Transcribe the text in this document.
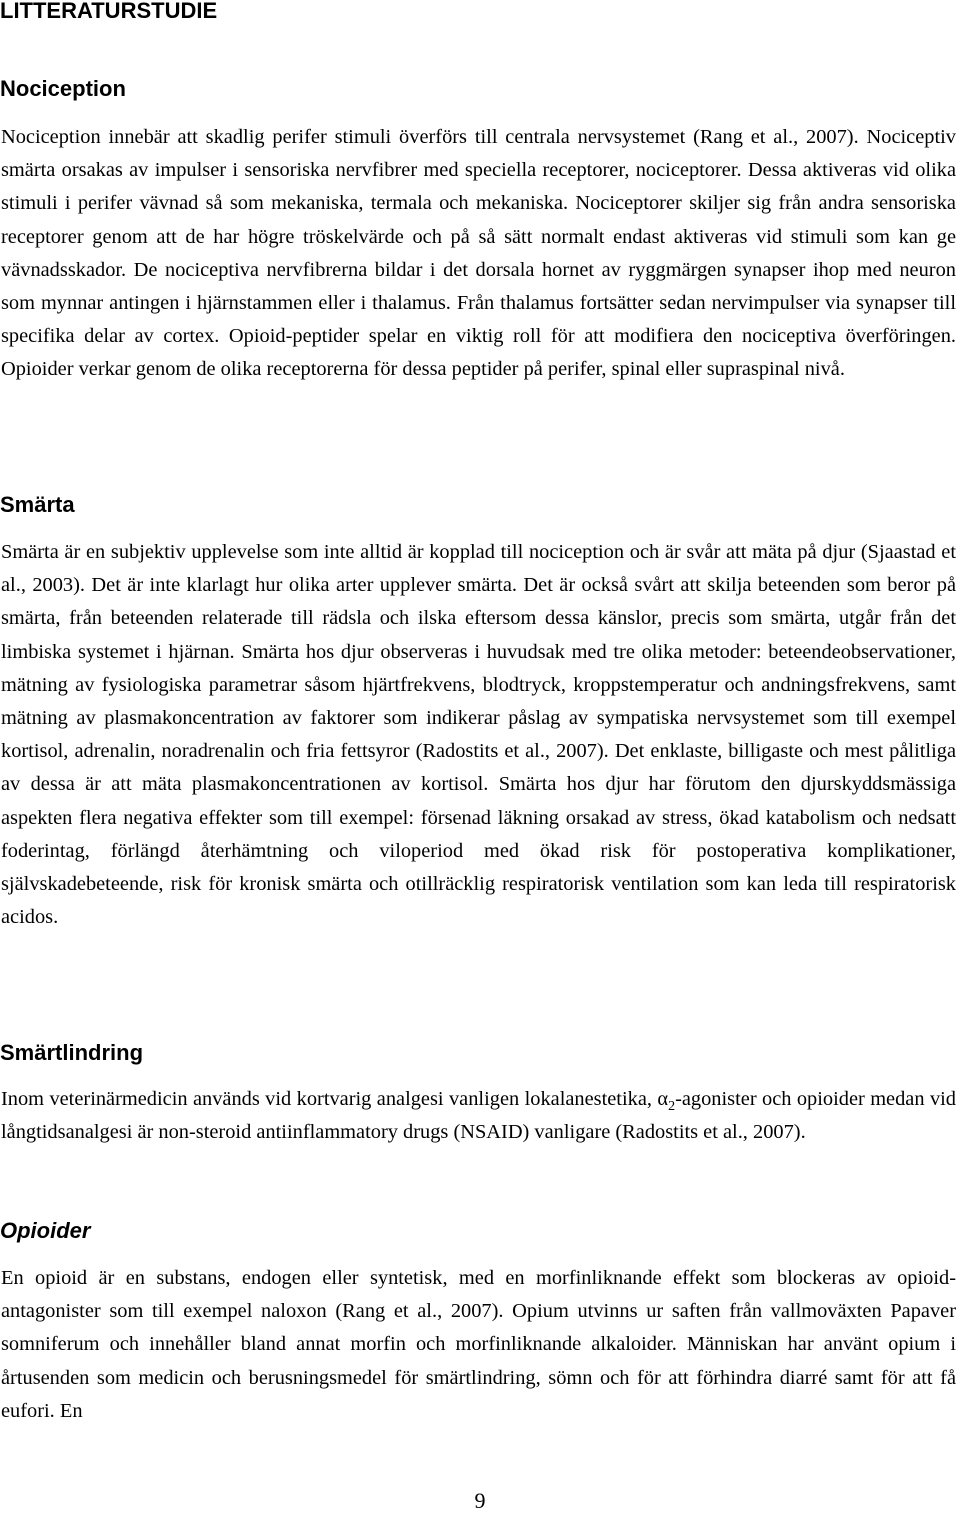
LITTERATURSTUDIE
Nociception

Nociception innebär att skadlig perifer stimuli överförs till centrala nervsystemet (Rang et al., 2007). Nociceptiv smärta orsakas av impulser i sensoriska nervfibrer med speciella receptorer, nociceptorer. Dessa aktiveras vid olika stimuli i perifer vävnad så som mekaniska, termala och mekaniska. Nociceptorer skiljer sig från andra sensoriska receptorer genom att de har högre tröskelvärde och på så sätt normalt endast aktiveras vid stimuli som kan ge vävnadsskador. De nociceptiva nervfibrerna bildar i det dorsala hornet av ryggmärgen synapser ihop med neuron som mynnar antingen i hjärnstammen eller i thalamus. Från thalamus fortsätter sedan nervimpulser via synapser till specifika delar av cortex. Opioid-peptider spelar en viktig roll för att modifiera den nociceptiva överföringen. Opioider verkar genom de olika receptorerna för dessa peptider på perifer, spinal eller supraspinal nivå.

Smärta

Smärta är en subjektiv upplevelse som inte alltid är kopplad till nociception och är svår att mäta på djur (Sjaastad et al., 2003). Det är inte klarlagt hur olika arter upplever smärta. Det är också svårt att skilja beteenden som beror på smärta, från beteenden relaterade till rädsla och ilska eftersom dessa känslor, precis som smärta, utgår från det limbiska systemet i hjärnan. Smärta hos djur observeras i huvudsak med tre olika metoder: beteendeobservationer, mätning av fysiologiska parametrar såsom hjärtfrekvens, blodtryck, kroppstemperatur och andningsfrekvens, samt mätning av plasmakoncentration av faktorer som indikerar påslag av sympatiska nervsystemet som till exempel kortisol, adrenalin, noradrenalin och fria fettsyror (Radostits et al., 2007). Det enklaste, billigaste och mest pålitliga av dessa är att mäta plasmakoncentrationen av kortisol. Smärta hos djur har förutom den djurskyddsmässiga aspekten flera negativa effekter som till exempel: försenad läkning orsakad av stress, ökad katabolism och nedsatt foderintag, förlängd återhämtning och viloperiod med ökad risk för postoperativa komplikationer, självskadebeteende, risk för kronisk smärta och otillräcklig respiratorisk ventilation som kan leda till respiratorisk acidos.

Smärtlindring

Inom veterinärmedicin används vid kortvarig analgesi vanligen lokalanestetika, $\alpha_2$-agonister och opioider medan vid långtidsanalgesi är non-steroid antiinflammatory drugs (NSAID) vanligare (Radostits et al., 2007).

Opioider

En opioid är en substans, endogen eller syntetisk, med en morfinliknande effekt som blockeras av opioid-antagonister som till exempel naloxon (Rang et al., 2007). Opium utvinns ur saften från vallmoväxten Papaver somniferum och innehåller bland annat morfin och morfinliknande alkaloider. Människan har använt opium i årtusenden som medicin och berusningsmedel för smärtlindring, sömn och för att förhindra diarré samt för att få eufori. En

9
